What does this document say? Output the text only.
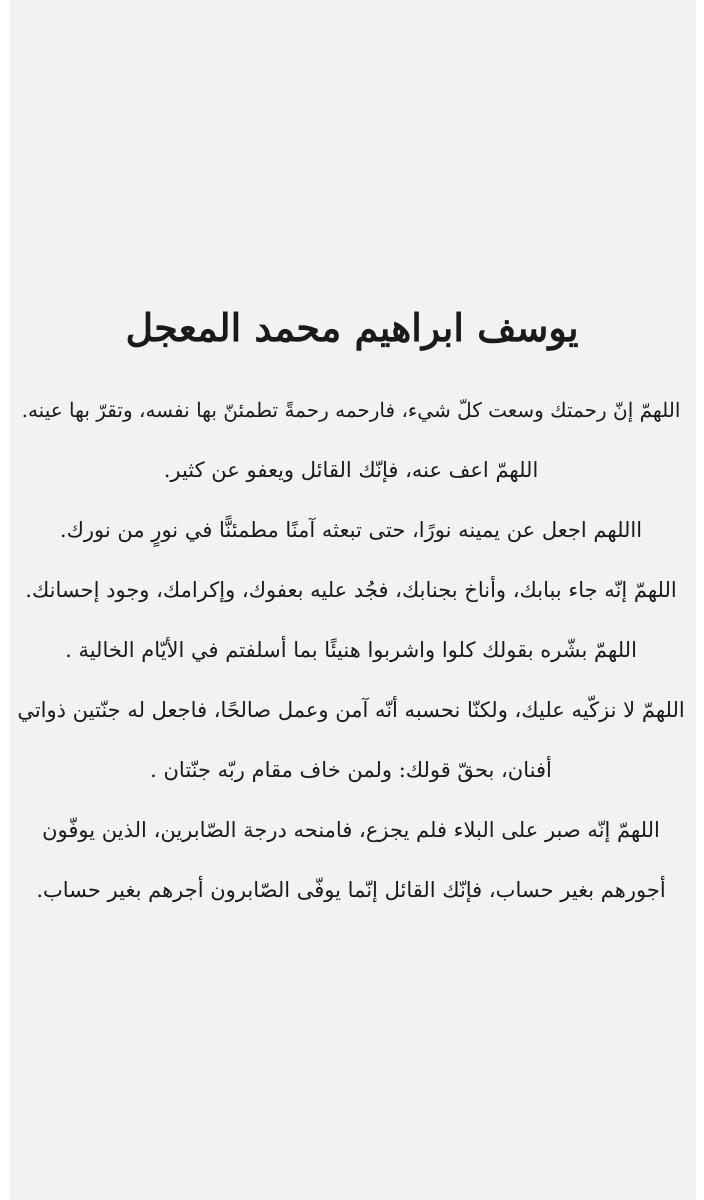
يوسف ابراهيم محمد المعجل

اللهمّ إنّ رحمتك وسعت كلّ شيء، فارحمه رحمةً تطمئنّ بها نفسه، وتقرّ بها عينه.

اللهمّ اعف عنه، فإنّك القائل ويعفو عن كثير.

االلهم اجعل عن يمينه نورًا، حتى تبعثه آمنًا مطمئنًّا في نورٍ من نورك.

اللهمّ إنّه جاء ببابك، وأناخ بجنابك، فجُد عليه بعفوك، وإكرامك، وجود إحسانك.

اللهمّ بشّره بقولك كلوا واشربوا هنيئًا بما أسلفتم في الأيّام الخالية .

اللهمّ لا نزكّيه عليك، ولكنّا نحسبه أنّه آمن وعمل صالحًا، فاجعل له جنّتين ذواتي أفنان، بحقّ قولك: ولمن خاف مقام ربّه جنّتان .

اللهمّ إنّه صبر على البلاء فلم يجزع، فامنحه درجة الصّابرين، الذين يوفّون أجورهم بغير حساب، فإنّك القائل إنّما يوفّى الصّابرون أجرهم بغير حساب.
